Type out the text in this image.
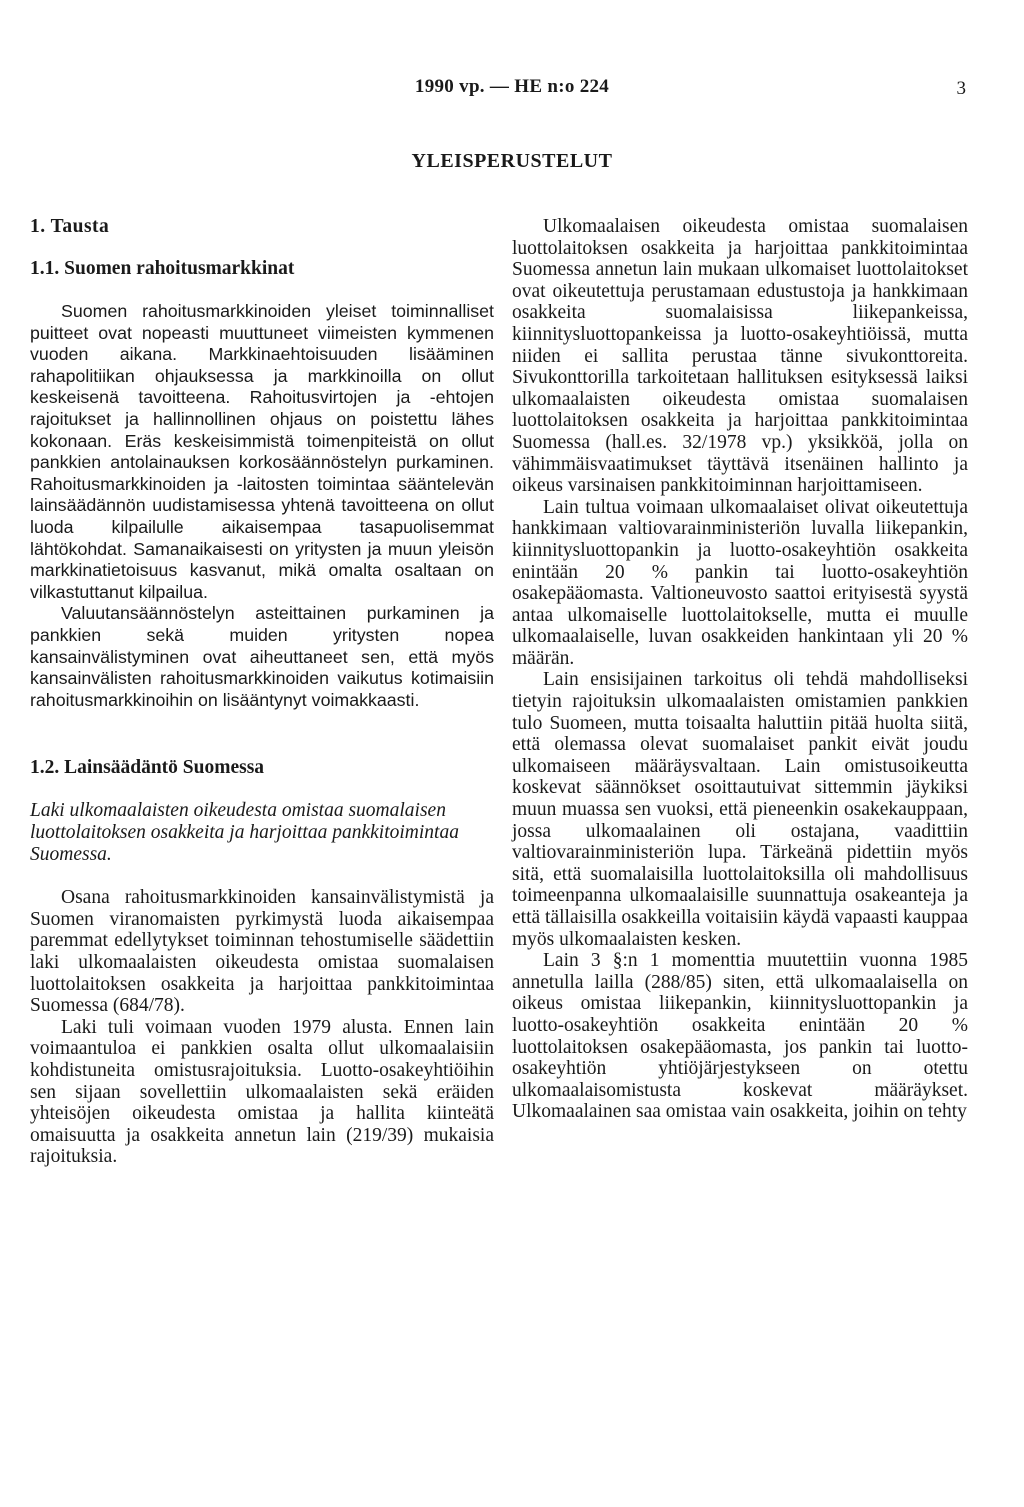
1990 vp. — HE n:o 224	3
YLEISPERUSTELUT
1. Tausta
1.1. Suomen rahoitusmarkkinat

Suomen rahoitusmarkkinoiden yleiset toiminnalliset puitteet ovat nopeasti muuttuneet viimeisten kymmenen vuoden aikana. Markkinaehtoisuuden lisääminen rahapolitiikan ohjauksessa ja markkinoilla on ollut keskeisenä tavoitteena. Rahoitusvirtojen ja -ehtojen rajoitukset ja hallinnollinen ohjaus on poistettu lähes kokonaan. Eräs keskeisimmistä toimenpiteistä on ollut pankkien antolainauksen korkosäännöstelyn purkaminen. Rahoitusmarkkinoiden ja -laitosten toimintaa sääntelevän lainsäädännön uudistamisessa yhtenä tavoitteena on ollut luoda kilpailulle aikaisempaa tasapuolisemmat lähtökohdat. Samanaikaisesti on yritysten ja muun yleisön markkinatietoisuus kasvanut, mikä omalta osaltaan on vilkastuttanut kilpailua.

Valuutansäännöstelyn asteittainen purkaminen ja pankkien sekä muiden yritysten nopea kansainvälistyminen ovat aiheuttaneet sen, että myös kansainvälisten rahoitusmarkkinoiden vaikutus kotimaisiin rahoitusmarkkinoihin on lisääntynyt voimakkaasti.

1.2. Lainsäädäntö Suomessa
Laki ulkomaalaisten oikeudesta omistaa suomalaisen luottolaitoksen osakkeita ja harjoittaa pankkitoimintaa Suomessa.

Osana rahoitusmarkkinoiden kansainvälistymistä ja Suomen viranomaisten pyrkimystä luoda aikaisempaa paremmat edellytykset toiminnan tehostumiselle säädettiin laki ulkomaalaisten oikeudesta omistaa suomalaisen luottolaitoksen osakkeita ja harjoittaa pankkitoimintaa Suomessa (684/78).

Laki tuli voimaan vuoden 1979 alusta. Ennen lain voimaantuloa ei pankkien osalta ollut ulkomaalaisiin kohdistuneita omistusrajoituksia. Luotto-osakeyhtiöihin sen sijaan sovellettiin ulkomaalaisten sekä eräiden yhteisöjen oikeudesta omistaa ja hallita kiinteätä omaisuutta ja osakkeita annetun lain (219/39) mukaisia rajoituksia.

Ulkomaalaisen oikeudesta omistaa suomalaisen luottolaitoksen osakkeita ja harjoittaa pankkitoimintaa Suomessa annetun lain mukaan ulkomaiset luottolaitokset ovat oikeutettuja perustamaan edustustoja ja hankkimaan osakkeita suomalaisissa liikepankeissa, kiinnitysluottopankeissa ja luotto-osakeyhtiöissä, mutta niiden ei sallita perustaa tänne sivukonttoreita. Sivukonttorilla tarkoitetaan hallituksen esityksessä laiksi ulkomaalaisten oikeudesta omistaa suomalaisen luottolaitoksen osakkeita ja harjoittaa pankkitoimintaa Suomessa (hall.es. 32/1978 vp.) yksikköä, jolla on vähimmäisvaatimukset täyttävä itsenäinen hallinto ja oikeus varsinaisen pankkitoiminnan harjoittamiseen.

Lain tultua voimaan ulkomaalaiset olivat oikeutettuja hankkimaan valtiovarainministeriön luvalla liikepankin, kiinnitysluottopankin ja luotto-osakeyhtiön osakkeita enintään 20 % pankin tai luotto-osakeyhtiön osakepääomasta. Valtioneuvosto saattoi erityisestä syystä antaa ulkomaiselle luottolaitokselle, mutta ei muulle ulkomaalaiselle, luvan osakkeiden hankintaan yli 20 % määrän.

Lain ensisijainen tarkoitus oli tehdä mahdolliseksi tietyin rajoituksin ulkomaalaisten omistamien pankkien tulo Suomeen, mutta toisaalta haluttiin pitää huolta siitä, että olemassa olevat suomalaiset pankit eivät joudu ulkomaiseen määräysvaltaan. Lain omistusoikeutta koskevat säännökset osoittautuivat sittemmin jäykiksi muun muassa sen vuoksi, että pieneenkin osakekauppaan, jossa ulkomaalainen oli ostajana, vaadittiin valtiovarainministeriön lupa. Tärkeänä pidettiin myös sitä, että suomalaisilla luottolaitoksilla oli mahdollisuus toimeenpanna ulkomaalaisille suunnattuja osakeanteja ja että tällaisilla osakkeilla voitaisiin käydä vapaasti kauppaa myös ulkomaalaisten kesken.

Lain 3 §:n 1 momenttia muutettiin vuonna 1985 annetulla lailla (288/85) siten, että ulkomaalaisella on oikeus omistaa liikepankin, kiinnitysluottopankin ja luotto-osakeyhtiön osakkeita enintään 20 % luottolaitoksen osakepääomasta, jos pankin tai luotto-osakeyhtiön yhtiöjärjestykseen on otettu ulkomaalaisomistusta koskevat määräykset. Ulkomaalainen saa omistaa vain osakkeita, joihin on tehty
